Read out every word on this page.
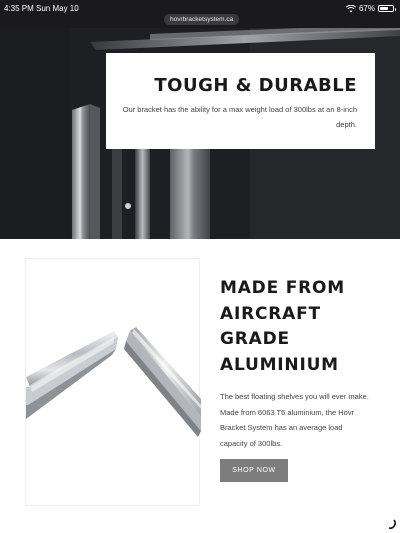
4:35 PM Sun May 10	67%
hovrbracketsystem.ca
TOUGH & DURABLE

Our bracket has the ability for a max weight load of 300lbs at an 8-inch depth.

MADE FROM
AIRCRAFT
GRADE
ALUMINIUM

The best floating shelves you will ever make. Made from 6063 T6 aluminium, the Hovr Bracket System has an average load capacity of 300lbs.

SHOP NOW
